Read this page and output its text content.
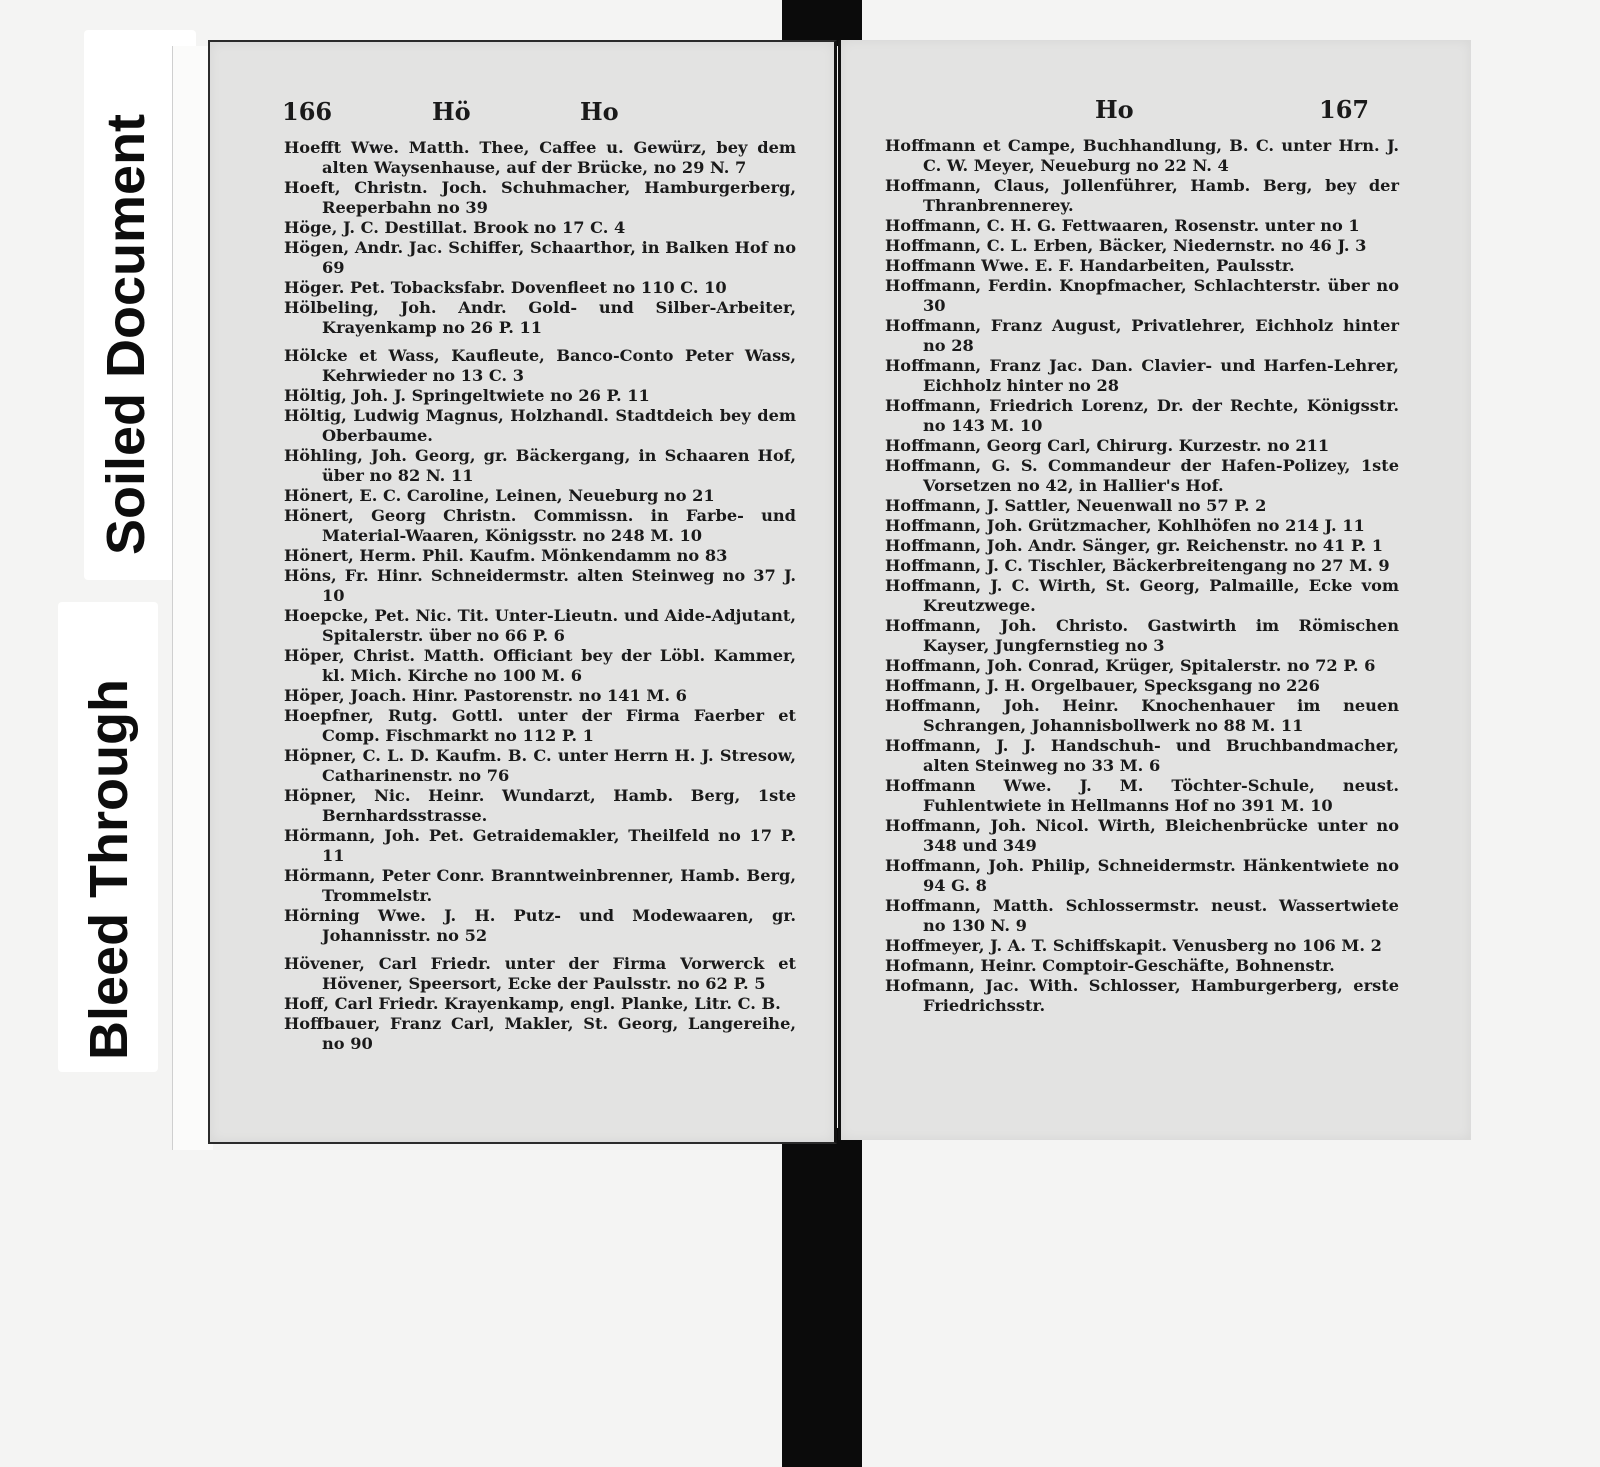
Soiled Document
Bleed Through
166	Hö	Ho

Hoefft Wwe. Matth. Thee, Caffee u. Gewürz, bey dem alten Waysenhause, auf der Brücke, no 29 N. 7

Hoeft, Christn. Joch. Schuhmacher, Hamburgerberg, Reeperbahn no 39

Höge, J. C. Destillat. Brook no 17 C. 4

Högen, Andr. Jac. Schiffer, Schaarthor, in Balken Hof no 69

Höger. Pet. Tobacksfabr. Dovenfleet no 110 C. 10

Hölbeling, Joh. Andr. Gold- und Silber-Arbeiter, Krayenkamp no 26 P. 11

Hölcke et Wass, Kaufleute, Banco-Conto Peter Wass, Kehrwieder no 13 C. 3

Höltig, Joh. J. Springeltwiete no 26 P. 11

Höltig, Ludwig Magnus, Holzhandl. Stadtdeich bey dem Oberbaume.

Höhling, Joh. Georg, gr. Bäckergang, in Schaaren Hof, über no 82 N. 11

Hönert, E. C. Caroline, Leinen, Neueburg no 21

Hönert, Georg Christn. Commissn. in Farbe- und Material-Waaren, Königsstr. no 248 M. 10

Hönert, Herm. Phil. Kaufm. Mönkendamm no 83

Höns, Fr. Hinr. Schneidermstr. alten Steinweg no 37 J. 10

Hoepcke, Pet. Nic. Tit. Unter-Lieutn. und Aide-Adjutant, Spitalerstr. über no 66 P. 6

Höper, Christ. Matth. Officiant bey der Löbl. Kammer, kl. Mich. Kirche no 100 M. 6

Höper, Joach. Hinr. Pastorenstr. no 141 M. 6

Hoepfner, Rutg. Gottl. unter der Firma Faerber et Comp. Fischmarkt no 112 P. 1

Höpner, C. L. D. Kaufm. B. C. unter Herrn H. J. Stresow, Catharinenstr. no 76

Höpner, Nic. Heinr. Wundarzt, Hamb. Berg, 1ste Bernhardsstrasse.

Hörmann, Joh. Pet. Getraidemakler, Theilfeld no 17 P. 11

Hörmann, Peter Conr. Branntweinbrenner, Hamb. Berg, Trommelstr.

Hörning Wwe. J. H. Putz- und Modewaaren, gr. Johannisstr. no 52

Hövener, Carl Friedr. unter der Firma Vorwerck et Hövener, Speersort, Ecke der Paulsstr. no 62 P. 5

Hoff, Carl Friedr. Krayenkamp, engl. Planke, Litr. C. B.

Hoffbauer, Franz Carl, Makler, St. Georg, Langereihe, no 90

Ho	167

Hoffmann et Campe, Buchhandlung, B. C. unter Hrn. J. C. W. Meyer, Neueburg no 22 N. 4

Hoffmann, Claus, Jollenführer, Hamb. Berg, bey der Thranbrennerey.

Hoffmann, C. H. G. Fettwaaren, Rosenstr. unter no 1

Hoffmann, C. L. Erben, Bäcker, Niedernstr. no 46 J. 3

Hoffmann Wwe. E. F. Handarbeiten, Paulsstr.

Hoffmann, Ferdin. Knopfmacher, Schlachterstr. über no 30

Hoffmann, Franz August, Privatlehrer, Eichholz hinter no 28

Hoffmann, Franz Jac. Dan. Clavier- und Harfen-Lehrer, Eichholz hinter no 28

Hoffmann, Friedrich Lorenz, Dr. der Rechte, Königsstr. no 143 M. 10

Hoffmann, Georg Carl, Chirurg. Kurzestr. no 211

Hoffmann, G. S. Commandeur der Hafen-Polizey, 1ste Vorsetzen no 42, in Hallier's Hof.

Hoffmann, J. Sattler, Neuenwall no 57 P. 2

Hoffmann, Joh. Grützmacher, Kohlhöfen no 214 J. 11

Hoffmann, Joh. Andr. Sänger, gr. Reichenstr. no 41 P. 1

Hoffmann, J. C. Tischler, Bäckerbreitengang no 27 M. 9

Hoffmann, J. C. Wirth, St. Georg, Palmaille, Ecke vom Kreutzwege.

Hoffmann, Joh. Christo. Gastwirth im Römischen Kayser, Jungfernstieg no 3

Hoffmann, Joh. Conrad, Krüger, Spitalerstr. no 72 P. 6

Hoffmann, J. H. Orgelbauer, Specksgang no 226

Hoffmann, Joh. Heinr. Knochenhauer im neuen Schrangen, Johannisbollwerk no 88 M. 11

Hoffmann, J. J. Handschuh- und Bruchbandmacher, alten Steinweg no 33 M. 6

Hoffmann Wwe. J. M. Töchter-Schule, neust. Fuhlentwiete in Hellmanns Hof no 391 M. 10

Hoffmann, Joh. Nicol. Wirth, Bleichenbrücke unter no 348 und 349

Hoffmann, Joh. Philip, Schneidermstr. Hänkentwiete no 94 G. 8

Hoffmann, Matth. Schlossermstr. neust. Wassertwiete no 130 N. 9

Hoffmeyer, J. A. T. Schiffskapit. Venusberg no 106 M. 2

Hofmann, Heinr. Comptoir-Geschäfte, Bohnenstr.

Hofmann, Jac. With. Schlosser, Hamburgerberg, erste Friedrichsstr.
